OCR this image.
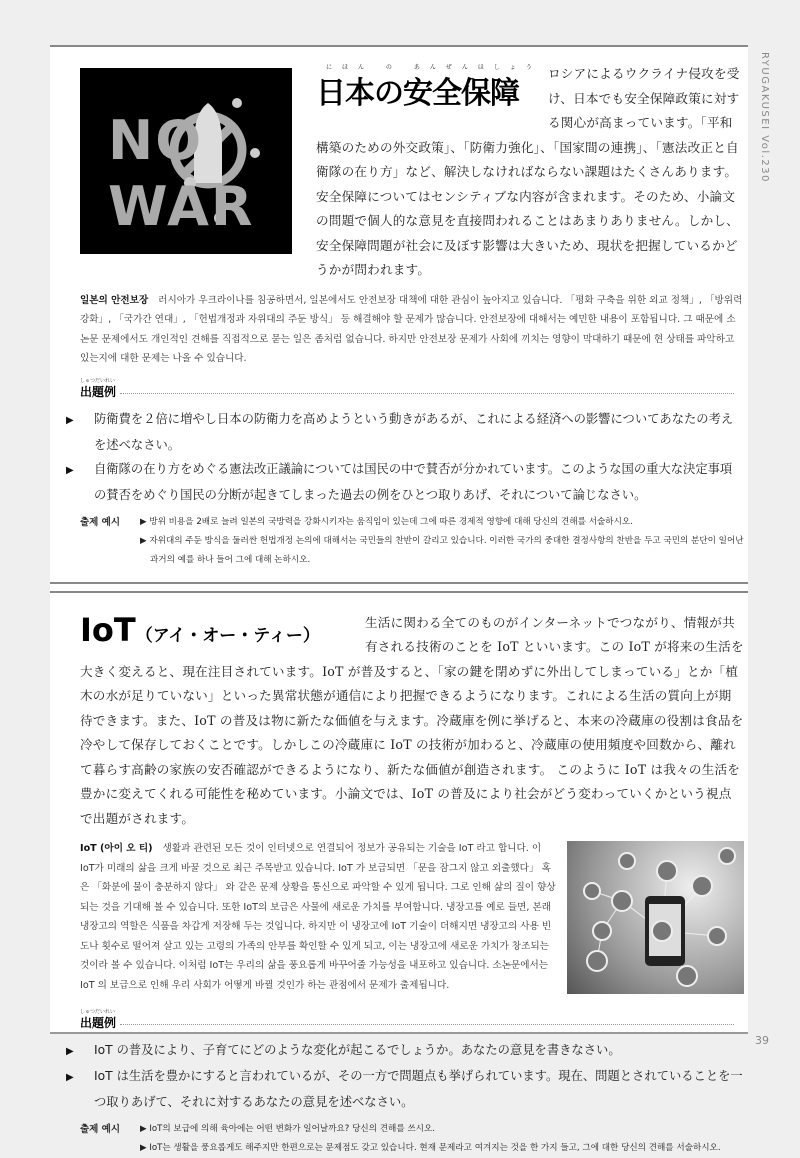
RYUGAKUSEI Vol.230
39
NO WAR
にほん の あんぜんほしょう
日本の安全保障
ロシアによるウクライナ侵攻を受け、日本でも安全保障政策に対する関心が高まっています。「平和構築のための外交政策」、「防衛力強化」、「国家間の連携」、「憲法改正と自衛隊の在り方」など、解決しなければならない課題はたくさんあります。安全保障についてはセンシティブな内容が含まれます。そのため、小論文の問題で個人的な意見を直接問われることはあまりありません。しかし、安全保障問題が社会に及ぼす影響は大きいため、現状を把握しているかどうかが問われます。
일본의 안전보장 러시아가 우크라이나를 침공하면서, 일본에서도 안전보장 대책에 대한 관심이 높아지고 있습니다. 「평화 구축을 위한 외교 정책」, 「방위력 강화」, 「국가간 연대」, 「헌법개정과 자위대의 주둔 방식」 등 해결해야 할 문제가 많습니다. 안전보장에 대해서는 예민한 내용이 포함됩니다. 그 때문에 소논문 문제에서도 개인적인 견해를 직접적으로 묻는 일은 좀처럼 없습니다. 하지만 안전보장 문제가 사회에 끼치는 영향이 막대하기 때문에 현 상태를 파악하고 있는지에 대한 문제는 나올 수 있습니다.
しゅつだいれい
出題例
▶ 防衛費を２倍に増やし日本の防衛力を高めようという動きがあるが、これによる経済への影響についてあなたの考えを述べなさい。
▶ 自衛隊の在り方をめぐる憲法改正議論については国民の中で賛否が分かれています。このような国の重大な決定事項の賛否をめぐり国民の分断が起きてしまった過去の例をひとつ取りあげ、それについて論じなさい。
출제 예시 ▶ 방위 비용을 2배로 늘려 일본의 국방력을 강화시키자는 움직임이 있는데 그에 따른 경제적 영향에 대해 당신의 견해를 서술하시오.
▶ 자위대의 주둔 방식을 둘러싼 헌법개정 논의에 대해서는 국민들의 찬반이 갈리고 있습니다. 이러한 국가의 중대한 결정사항의 찬반을 두고 국민의 분단이 일어난 과거의 예를 하나 들어 그에 대해 논하시오.
IoT（アイ・オー・ティー）
生活に関わる全てのものがインターネットでつながり、情報が共有される技術のことを IoT といいます。この IoT が将来の生活を大きく変えると、現在注目されています。IoT が普及すると、「家の鍵を閉めずに外出してしまっている」とか「植木の水が足りていない」といった異常状態が通信により把握できるようになります。これによる生活の質向上が期待できます。また、IoT の普及は物に新たな価値を与えます。冷蔵庫を例に挙げると、本来の冷蔵庫の役割は食品を冷やして保存しておくことです。しかしこの冷蔵庫に IoT の技術が加わると、冷蔵庫の使用頻度や回数から、離れて暮らす高齢の家族の安否確認ができるようになり、新たな価値が創造されます。 このように IoT は我々の生活を豊かに変えてくれる可能性を秘めています。小論文では、IoT の普及により社会がどう変わっていくかという視点で出題がされます。
IoT (아이 오 티) 생활과 관련된 모든 것이 인터넷으로 연결되어 정보가 공유되는 기술을 IoT 라고 합니다. 이 IoT가 미래의 삶을 크게 바꿀 것으로 최근 주목받고 있습니다. IoT 가 보급되면 「문을 잠그지 않고 외출했다」 혹은 「화분에 물이 충분하지 않다」 와 같은 문제 상황을 통신으로 파악할 수 있게 됩니다. 그로 인해 삶의 질이 향상되는 것을 기대해 볼 수 있습니다. 또한 IoT의 보급은 사물에 새로운 가치를 부여합니다. 냉장고를 예로 들면, 본래 냉장고의 역할은 식품을 차갑게 저장해 두는 것입니다. 하지만 이 냉장고에 IoT 기술이 더해지면 냉장고의 사용 빈도나 횟수로 떨어져 살고 있는 고령의 가족의 안부를 확인할 수 있게 되고, 이는 냉장고에 새로운 가치가 창조되는 것이라 볼 수 있습니다. 이처럼 IoT는 우리의 삶을 풍요롭게 바꾸어줄 가능성을 내포하고 있습니다. 소논문에서는 IoT 의 보급으로 인해 우리 사회가 어떻게 바뀔 것인가 하는 관점에서 문제가 출제됩니다.
しゅつだいれい
出題例
▶ IoT の普及により、子育てにどのような変化が起こるでしょうか。あなたの意見を書きなさい。
▶ IoT は生活を豊かにすると言われているが、その一方で問題点も挙げられています。現在、問題とされていることを一つ取りあげて、それに対するあなたの意見を述べなさい。
출제 예시 ▶ IoT의 보급에 의해 육아에는 어떤 변화가 일어날까요? 당신의 견해를 쓰시오.
▶ IoT는 생활을 풍요롭게도 해주지만 한편으로는 문제점도 갖고 있습니다. 현재 문제라고 여겨지는 것을 한 가지 들고, 그에 대한 당신의 견해를 서술하시오.
